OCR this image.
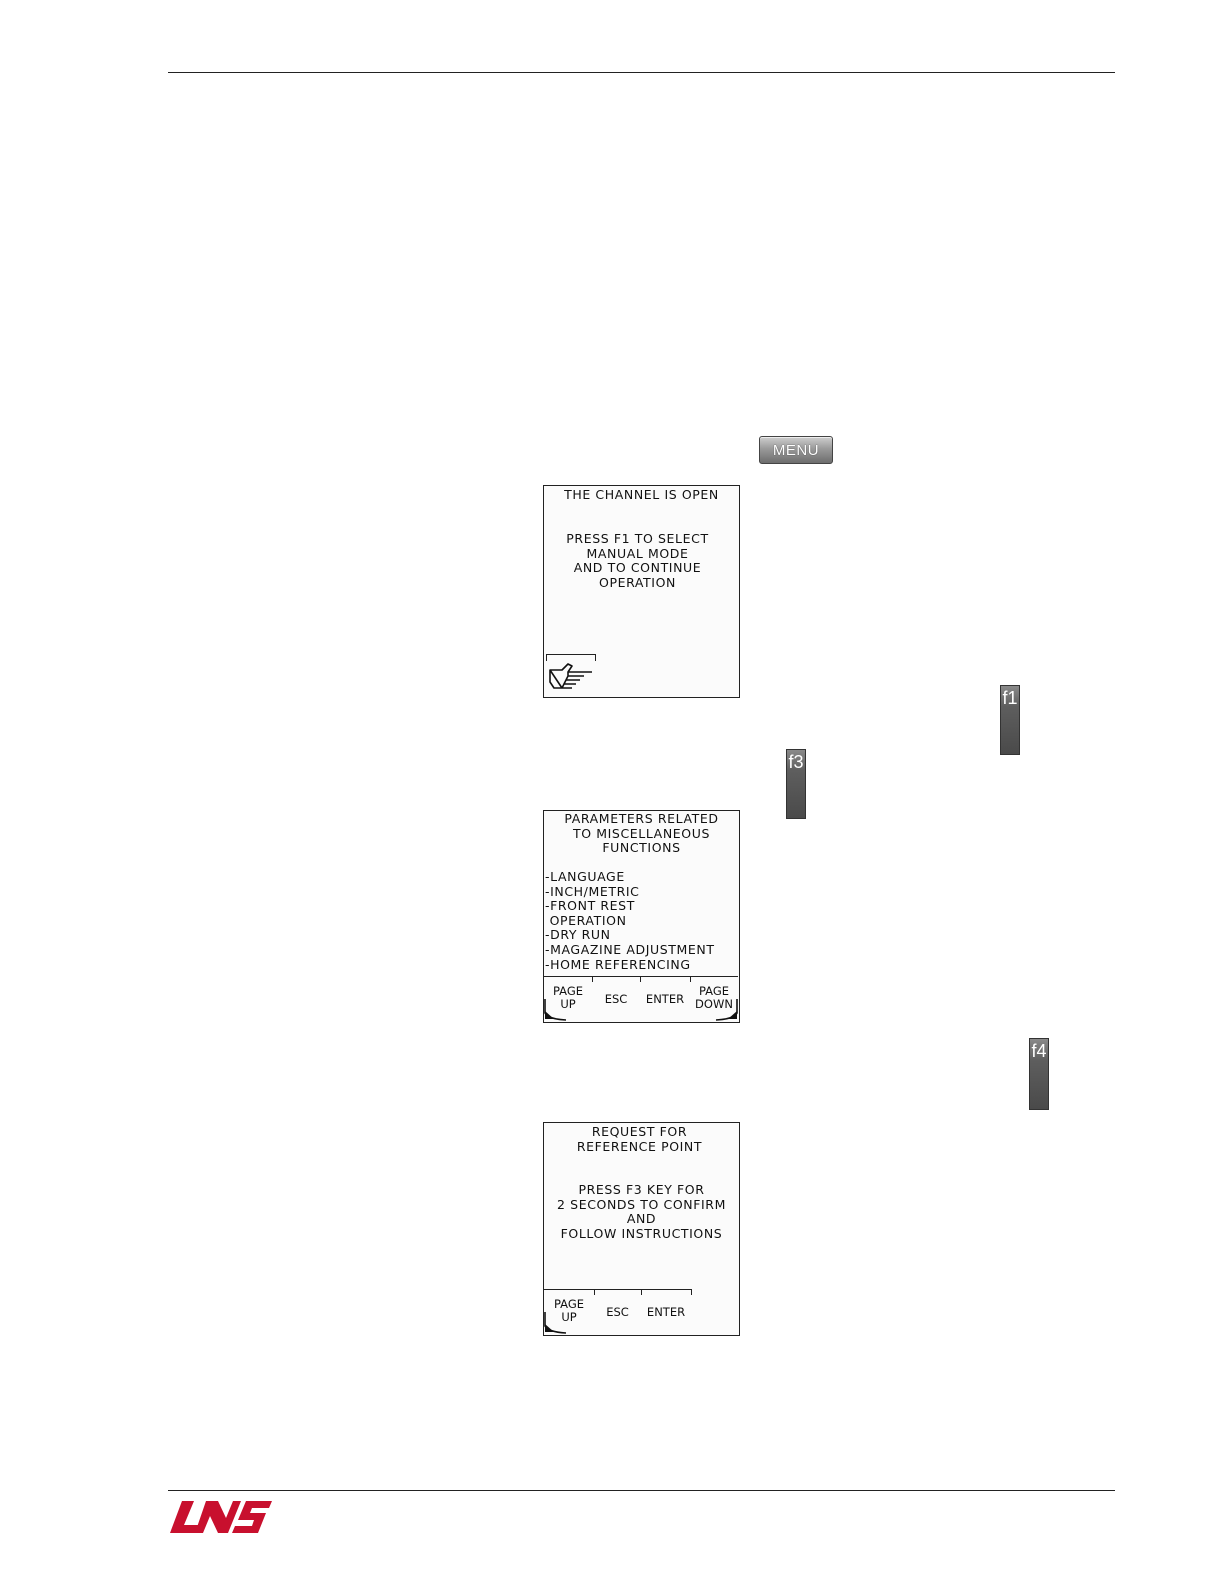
MENU
THE CHANNEL IS OPEN
PRESS F1 TO SELECT
MANUAL MODE
AND TO CONTINUE
OPERATION
f1
f3
PARAMETERS RELATED
TO MISCELLANEOUS
FUNCTIONS
-LANGUAGE
-INCH/METRIC
-FRONT REST
OPERATION
-DRY RUN
-MAGAZINE ADJUSTMENT
-HOME REFERENCING
PAGE
UP	ESC	ENTER
PAGE
DOWN
f4
REQUEST FOR
REFERENCE POINT
PRESS F3 KEY FOR
2 SECONDS TO CONFIRM
AND
FOLLOW INSTRUCTIONS
PAGE
UP	ESC	ENTER
